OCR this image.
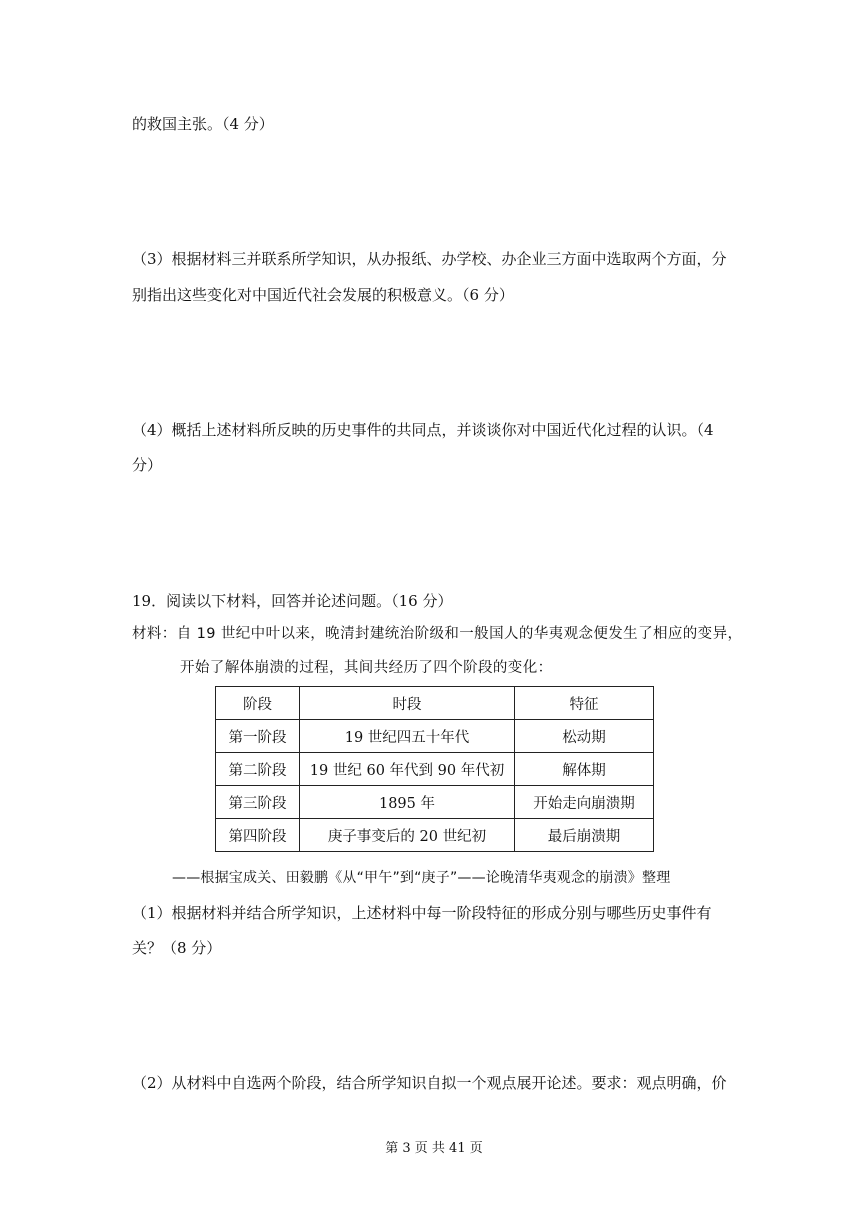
的救国主张。（4 分）
（3）根据材料三并联系所学知识，从办报纸、办学校、办企业三方面中选取两个方面，分
别指出这些变化对中国近代社会发展的积极意义。（6 分）
（4）概括上述材料所反映的历史事件的共同点，并谈谈你对中国近代化过程的认识。（4
分）
19．阅读以下材料，回答并论述问题。（16 分）
材料：自 19 世纪中叶以来，晚清封建统治阶级和一般国人的华夷观念便发生了相应的变异，
开始了解体崩溃的过程，其间共经历了四个阶段的变化：
阶段	时段	特征
第一阶段	19 世纪四五十年代	松动期
第二阶段	19 世纪 60 年代到 90 年代初	解体期
第三阶段	1895 年	开始走向崩溃期
第四阶段	庚子事变后的 20 世纪初	最后崩溃期
——根据宝成关、田毅鹏《从“甲午”到“庚子”——论晚清华夷观念的崩溃》整理
（1）根据材料并结合所学知识，上述材料中每一阶段特征的形成分别与哪些历史事件有
关？（8 分）
（2）从材料中自选两个阶段，结合所学知识自拟一个观点展开论述。要求：观点明确，价
第 3 页 共 41 页
